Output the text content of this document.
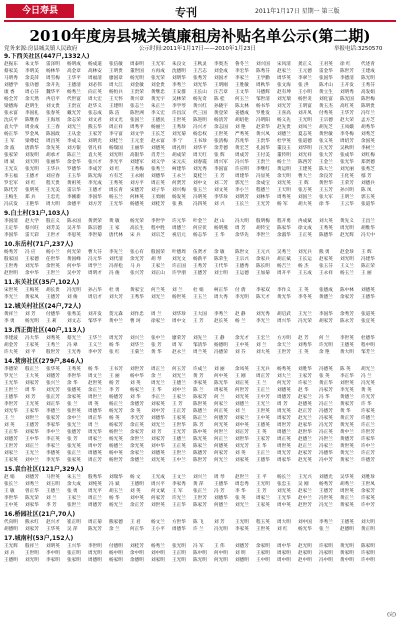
今日寿县	专刊	2011年1月17日 星期一 第三版
2010年度房县城关镇廉租房补贴名单公示(第二期)
党务来源:房县城关镇人民政府	公示时间:2011年1月17日——2010年1月23日	举报电话:3250570
9.下西关社区(447户,1332人)
赵振东	朱文华	雷泽明	杨明成	杨成道	张信敏	周泰明	王光军	朱良文	王秋灵	李奥杰	鲁冬兰	刘兴国	宋风清	龚正义	王君英	徐 红	代述青
蔡家美	李明美	杨林华	高金章	高林安	王明贵	董世国	方再成	沈德明	王吉志	刘金成	李宏华	陈秀芬	赵家兰	王元德	雷金华	陈世芳	王建成
马明秀	余美萍	周雪梅	王华平	周福清	廖国章	杨光明	张光荣	刘明华	张秀芳	刘国才	李家兰	王学勤	周华英	李翠兰	张国华	李德清	陈光明
刘德学	张功德	余开先	王德清	刘必伟	周大江	刘金敏	刘金贵	李秀兰	刘光华	王明刚	王胜敏	周秋华	张文海	张 洪	陈才山	王开发	王秀芬
康 香	周心芬	魏华平	杨秀兰	向正英	杨恒兵	王贵荣	黄继忠	王安群	王长山	汪吉章	王文华	马德辉	赵有坤	王小明	黄立生	刘明秀	高发娟
杨全芳	余天然	冉启平	代世富	周大宏	王天怀	黄兴章	黄光宇	吴林荣	杨先奇	陈 桂	何玉兰	邹世清	刘光瑞	杨世炎	刘化富	陈光国	陈世梅
梁德海	赵明生	刘文贵	王贵宣	赵华义	王建明	张志兰	朱正兰	李学琴	黄兴红	孙晓宇	陈太林	杨书华	刘光芳	王明富	黄玉杰	高红英	陈明贵
张永富	李国礼	张春英	戴光芳	张志成	陈 洁	陈世洲	李义宏	许昌汉	代三国	黄登荣	姜德成	罗胜发	王喜高	刘开凤	付秀英	王华芳	冯年兰
沈庆平	陈继春	王海瑶	余志荣	刘文君	刘文光	张国兰	王德民	王世英	陈进明	杨清芳	胡绍伦	冯明阳	杨义先	王光明	王宗德	赵大荣	孟方芝
袁大学	周业成	王三春	刘光兰	熊玉华	周正祥	周秀平	杨丽兰	王秀珍	冯兴才	余志国	刘 艳	赵荣华	赵先贵	刘凤兰	胡先芝	王凤娥	胡秀华
杨正华	罗金凤	陈国政	王从金	王家芳	李守富	刘文学	王长芝	刘光菊	杨忠权	王世英	严秀英	黄兴凤	刘德兰	夏志英	黄世敏	李冬梅	刘秀芝
王 军	梁尊娃	周昌英	李成义	刘明光	刘桂兰	王元奎	赵永富	李 宁	王书珍	张清梅	苏兆华	王贵华	杜学英	张道德	张义英	周绍芳	余国英
余 波	唐新华	余先英	刘方银	曾凡祥	杨瑞国	王丽华	刘德英	周礼明	刘华平	余芳德	黄宏芝	孔国华	董良玉	刘华明	汪光芳	吴秋明	李树兰
张家荣	刘发明	胡承才	陈正兰	袁大英	刘光明	高银华	肖芳兰	胡成荣	周天红	张 辉	周成芳	王付美	董传明	刘光祥	张大芳	张成华	刘红梅
周 斌	刘天明	张丽华	余金华	张兴才	李光平	刘建军	刘义学	宋元庆	刘春霞	周兴军	冯兴华	王贵兰	杨士兰	陈西芳	王金兰	张光华	郑贤德
王光友	张光明	王华兵	罗德华	李成芳	刘 红	王秀梅	张秀兰	柯建华	刘光秀	李国富	许应明	李继红	黄运明	王建英	陈大兰	刘光丽	张秀芝
李玉福	王德才	刘应春	王玉华	陈光海	方有芝	王永刚	刘德华	王永兰	夏桂兰	王 芳	周建华	冯显英	余天明	曹大兰	余良芳	王化英	鄢 芳
罗宏军	刘 红	程天贵	黄祖英	李光成	王秀英	刘方平	周正英	何贤芳	刘中文	刘二芳	郭光兰	余成宝	刘光英	王 辉	黄世华	王荣芳	刘德兵
陈代芳	张明英	王光美	雷宗华	王德才	周长青	宋德芳	刘子华	刘兴梅	张玉兰	刘文英	李小兰	程德兰	王天明	张万英	王玉芳	孙兴明	陈 凤
王梅生	郑 兵	王忠光	李刚新	李国华	杨玉兰	何林英	王勇刚	杨发英	冯明英	李华珍	刘明芳	刘林华	周秀英	刘国兰	张大军	王明兰	郭玉英
冯庆发	王艳华	周大明	余德平	刘方芳	王光华	杨德英	刘桂芳	张 燕	冯四英	刘 兴	王长兰	王光芳	杨 军	胡大英	徐 华	王云华	张道华
9.白土村(31户,103人)
李国清	赵大学	殷正义	陈永国	黄贤荣	黄 敏	杨光荣	李世学	许元华	叶金兰	赵 山	冯大明	殷明梅	程开勇	冉成斌	刘大英	黄先义	王昌兰
王定华	蔡兴旺	刘芳美	吴开华	陈宗德	王 家	高长生	程中胜	周德兰	何应伏	杨明燕	周 芳	胡传宝	陈家华	徐文成	王秀英	周光明	胡维华
李国华	雷天彩	王世才	李思英	李世菊	唐代林	宋 兵	刘宗芝	祝启元	杨志华	王 华	余华先	李世兰	余淑华	王正英	陈德华	赵光辉	冯天中
10.东岳村(71户,237人)
杨秀芳	冯 应	杨小兰	何光荣	曹大芬	李先兰	张心有	殷国荣	叶德周	伍贤才	余 敏	陈世文	王元兴	吴秀兰	刘光兵	熊 勇	赵金珍	王 辉
殷家国	王家德	任世华	黄国峰	冯元华	刘代清	余光芳	胡 琴	刘光文	杨新平	陈荣生	王宗兴	余家兵	胡正斌	王长运	赵家英	刘光明	冯建华
王世秀	刘光华	余世英	何中华	周学兰	冯青松	马 兵	王家兰	许正国	王秀芳	王代华	王德秀	陈长明	杨吉兰	杨 杰	张玉芬	王义兰	陈正荣
赵世明	余中华	王世兰	吴中芳	周明才	冯 俊	张兴芳	刘正山	许学朋	王德芳	刘士明	王运德	王加菊	周开平	王玉成	王永祥	杨玉兰	王 丽
11.东关社区(35户,102人)
宋世英	王梅英	胡长贵	冯光明	孙占华	杜 勇	黄家宝	何兰英	刘 兰	杜 娟	柯正华	付 倩	李家双	李作义	王 英	张德成	陈中林	刘德英
李光兰	黄家凤	王德芳	刘 俊	周启才	刘大芳	王秀华	刘光兰	杨世英	王玉兰	周大秀	李光明	陈天才	黄光华	李冬英	黄德兰	余家芳	王德华
12.城关村社区(24户,72人)
黄祥兰	刘 芳	付德华	张秀美	刘开发	贺元森	刘作忠	周 兰	刘华珍	王大国	李秀兰	赵 静	刘光秀	胡启武	王光兰	李国华	余秀芳	张道英
李 勇	杨光明	王 莉	刘文志	邹华平	黄中兰	曹 珂	徐家兰	周中文	王 芳	赵长英	杨 兰	李光兰	周兴华	冯光荣	胡家芳	陈永芳	张宜英
13.西正街社区(40户,113人)
李建波	冯大华	刘秀英	蔡光兰	王华兰	周光芳	刘兴兰	张中兰	廖荣芳	刘先兰	王 静	余光才	王宏兰	方方明	赵 芳	何 兰	李世英	杜德华
胡金芳	王家英	王秀兰	冯 翠	王义兰	杨 华	刘华兰	张 芳	周 军	邹清华	杨德明	王中英	刘 兰	余天兰	刘秀华	许光明	王德英	程中明
许大英	刘 平	殷世芳	王光秀	李中芳	张 红	王菊兰	黄 华	赵永兰	周兰英	冯德荣	刘 芬	刘大英	王世芳	王 英	余 艳	黄大明	邹芳兰
14.营房社区(279户,846人)
李德荣	殷正兰	张华英	王秀英	杨 华	王书芳	刘世芳	周正兰	何玉芳	许成兰	刘 丽	余凤英	王光兵	杨秀英	刘胜华	冯德英	陈 英	胡光兰
罗光兰	王大英	刘德芳	李世华	周文兰	王 丽	杨中华	余 兰	刘光兰	黄 芳	何中英	王 刚	周正芳	刘大兰	王家芳	张 英	李正华	冯 兰
王光华	刘家芳	张兴兰	余 华	赵世英	杨 芳	刘 英	周光兰	王德兰	李家英	陈光华	刘正英	王 兰	何光芳	许家兰	黄正华	刘世英	冯光英
王世兰	周 华	刘光芳	张德英	余正兰	李 芳	杨家兰	王 华	刘中兰	陈 兰	周家英	何世芳	王正兰	刘德英	赵 华	冯家芳	李光英	黄 英
王德华	刘 芳	张正芳	余家英	周世兰	杨德芳	刘 华	李正兰	王家兰	陈家芳	何 兰	刘光英	王中芳	周德芳	赵家兰	冯 华	黄德兰	许光芳
李世芳	王光英	刘正华	张 兰	周 英	杨正兰	余德芳	刘家英	王 芳	陈世英	何家兰	刘德兰	王光兰	周 芳	赵德英	冯正兰	黄家芳	许 华
刘光华	王家华	李德兰	张世英	周德华	杨光芳	余 英	刘中芳	王正芳	陈德兰	何正英	刘 兰	王世英	周光英	赵正芳	冯德芳	黄 华	许家英
王 兰	刘世兰	张家芳	余中兰	周正华	杨 英	李光芳	刘德华	王家英	陈正兰	何德芳	刘家兰	王中英	周家芳	赵光兰	冯家英	黄正芳	许德兰
刘 英	王德芳	李家华	张光兰	周 兰	杨家芳	余正英	刘光兰	王世华	陈 芳	何光英	刘中英	王德英	周世芳	赵家华	冯光芳	黄光英	许正兰
王正华	刘家华	李中兰	张德芳	周光华	杨世兰	余家芳	刘 芳	王光芳	陈中英	何世兰	刘正芳	王 英	周德兰	赵世华	冯正英	黄中兰	许世芳
刘德芳	王中华	李正英	张 芳	周家兰	杨光英	余世兰	刘家芳	王德兰	陈光英	何正兰	刘世华	王家芳	周正英	赵德兰	冯世兰	黄德芳	许家华
王世芳	刘正兰	李家兰	张光英	周中芳	杨德兰	余光英	刘中华	王正英	陈家兰	何德英	刘光芳	王 华	周世英	赵正兰	冯家兰	黄世英	许中兰
刘家兰	王光兰	李德英	张正兰	周德英	杨中英	余家兰	刘德英	王世兰	陈德芳	何家芳	刘 英	王正兰	周光芳	赵家芳	冯德华	黄光兰	许正芳
王家英	刘中兰	李光华	张家英	周正芳	杨世芳	余德兰	刘光英	王中兰	陈世芳	何光兰	刘家英	王德华	周家华	赵光英	冯中芳	黄家兰	许德芳
15.袁台社区(121户,329人)
赵 娟	刘德芳	马世英	朱玉兰	殷秀华	刘瑞华	杨 文	王光成	王文兰	刘兴兰	周 琴	赵世兰	王 平	杨长兰	王光兴	刘德光	吴华英	刘胜珍
张长兰	刘秀兰	刘玉明	余大成	刘纯英	冯 斌	王德明	周兴平	李家秀	黄 萍	王德华	周忠秀	王光明	张忠玉	吴 刚	杨秀芳	胡秀兰	王世凤
王 敏	曾正华	王德兰	张 勇	周光平	胡玉兰	刘 英	何文斌	王 军	张正兰	冯 芳	李 华	王 芳	刘光英	赵家兰	王德芳	周世英	余家芳
李世华	陈光荣	刘 兰	王家兰	周正兰	杨 华	刘中英	何家芳	许光兰	王世芳	刘德华	张 英	周家兰	王光华	赵中兰	冯世英	黄正兰	许家英
王中英	刘家华	李 芳	张世兰	周德芳	杨光兰	余正芳	刘世英	王正华	陈家芳	何德兰	刘光兰	王家英	周中英	赵世芳	冯光兰	黄家英	许中芳
16.桥园社区(21户,70人)
代向明	熊永红	赵兴才	崔正明	周正菊	熊家德	王 君	杨文兰	方世华	陈 飞	刘 芳	王光明	程玉英	周大明	刘中国	李秀兰	王德英	刘大明
胡德明	刘家芳	王华英	吴 萍	陈光芳	余 兰	何正华	王小平	周德华	许 兰	冯光明	李家英	王世英	刘 红	杨光华	张 兰	赵德明	黄正明
17.城南村(53户,152人)
王光辉	殷祥兰	刘明英	王兴华	李世明	付德明	刘桂芳	杨秀兰	张光明	冯 军	王 伟	刘德芳	余家明	周中华	赵光明	许家明	黄光明	陈家明
刘 兵	王世明	李中明	张正明	周光明	杨中明	余中明	刘中明	王正明	陈中明	何中明	刘 明	王家明	周家明	赵家明	冯家明	黄家明	许家明
王德明	刘光明	李家明	张家明	周德明	杨家明	余德明	刘家明	王光明	陈光明	何光明	刘德明	王中明	周中明	赵中明	冯中明	黄中明	许中明
(完)
